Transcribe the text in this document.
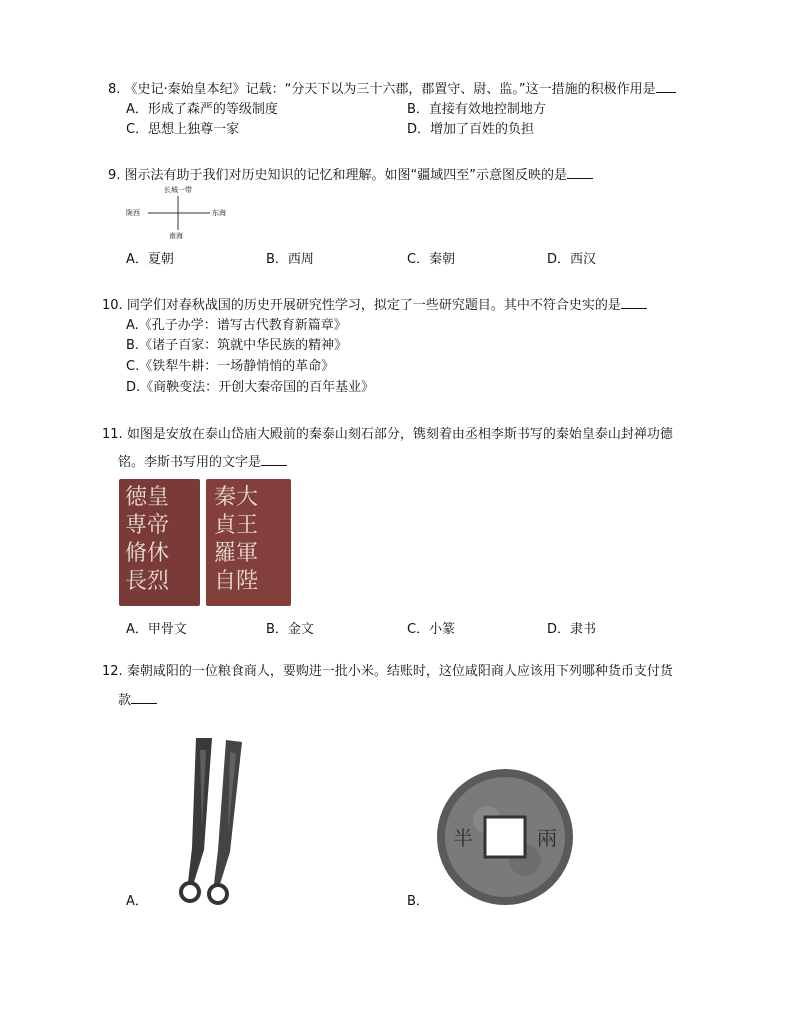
8. 《史记·秦始皇本纪》记载：“分天下以为三十六郡，郡置守、尉、监。”这一措施的积极作用是
A．形成了森严的等级制度	B．直接有效地控制地方
C．思想上独尊一家	D．增加了百姓的负担
9. 图示法有助于我们对历史知识的记忆和理解。如图“疆域四至”示意图反映的是
长城一带
陇西	东海
南海
A．夏朝	B．西周	C．秦朝	D．西汉
10. 同学们对春秋战国的历史开展研究性学习，拟定了一些研究题目。其中不符合史实的是
A.《孔子办学：谱写古代教育新篇章》
B.《诸子百家：筑就中华民族的精神》
C.《铁犁牛耕：一场静悄悄的革命》
D.《商鞅变法：开创大秦帝国的百年基业》
11. 如图是安放在泰山岱庙大殿前的秦泰山刻石部分，镌刻着由丞相李斯书写的秦始皇泰山封禅功德
铭。李斯书写用的文字是
徳皇
専帝
脩休
長烈
秦大
貞王
羅軍
自陛
A．甲骨文	B．金文	C．小篆	D．隶书
12. 秦朝咸阳的一位粮食商人，要购进一批小米。结账时，这位咸阳商人应该用下列哪种货币支付货
款
A．
半	兩
B．
